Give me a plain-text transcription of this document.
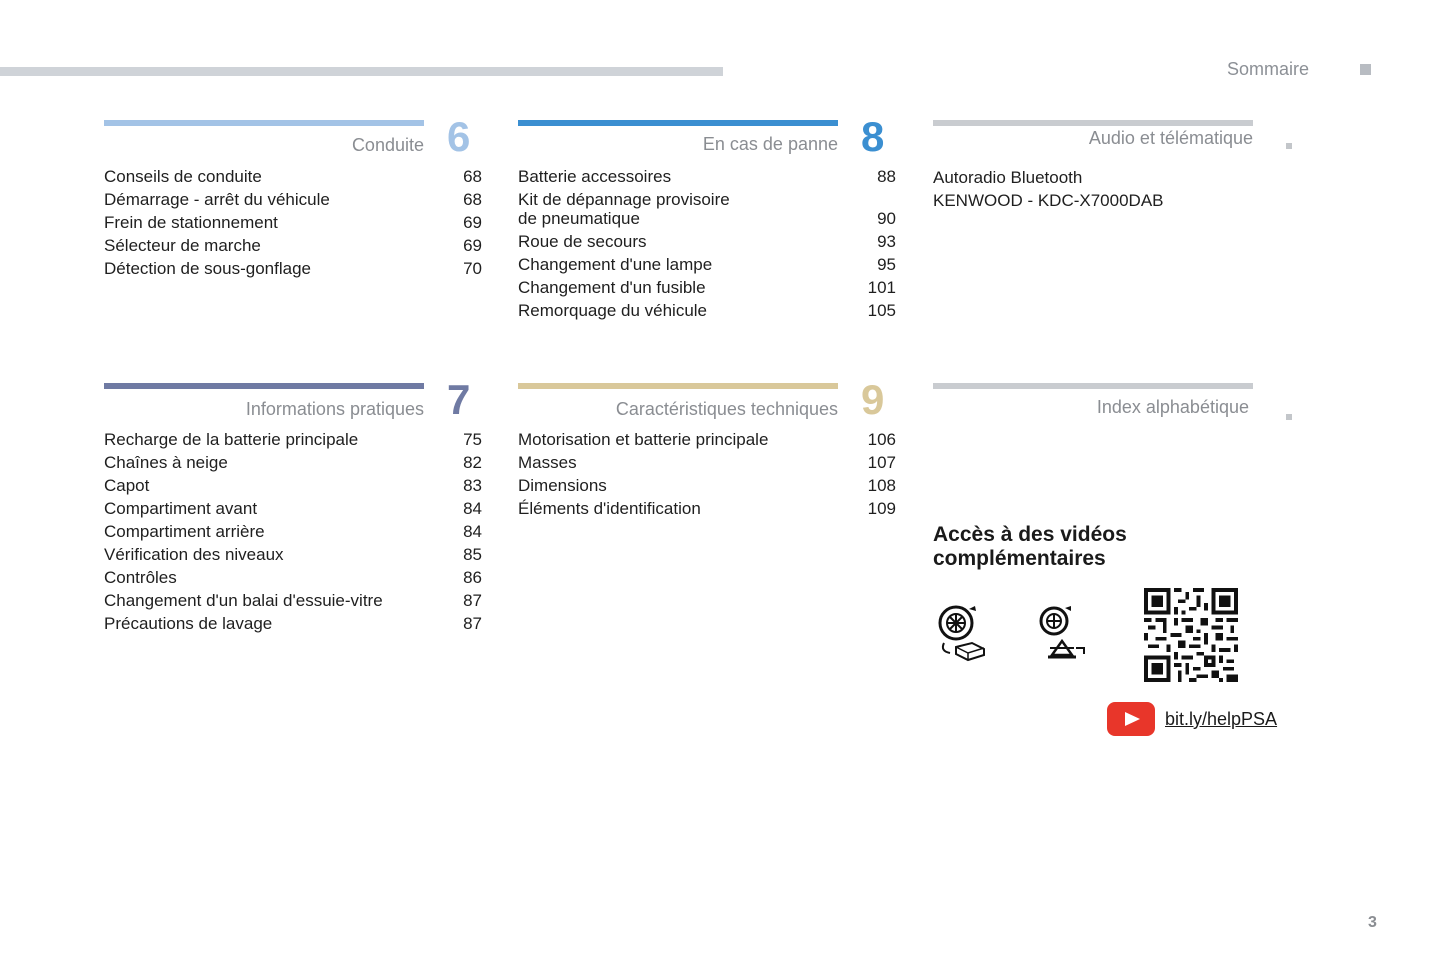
Sommaire
Conduite 6
Conseils de conduite	68
Démarrage - arrêt du véhicule	68
Frein de stationnement	69
Sélecteur de marche	69
Détection de sous-gonflage	70
En cas de panne 8
Batterie accessoires	88
Kit de dépannage provisoire
de pneumatique	90
Roue de secours	93
Changement d'une lampe	95
Changement d'un fusible	101
Remorquage du véhicule	105
Audio et télématique
Autoradio Bluetooth
KENWOOD - KDC-X7000DAB
Informations pratiques 7
Recharge de la batterie principale	75
Chaînes à neige	82
Capot	83
Compartiment avant	84
Compartiment arrière	84
Vérification des niveaux	85
Contrôles	86
Changement d'un balai d'essuie-vitre	87
Précautions de lavage	87
Caractéristiques techniques 9
Motorisation et batterie principale	106
Masses	107
Dimensions	108
Éléments d'identification	109
Index alphabétique
Accès à des vidéos
complémentaires
bit.ly/helpPSA
3
